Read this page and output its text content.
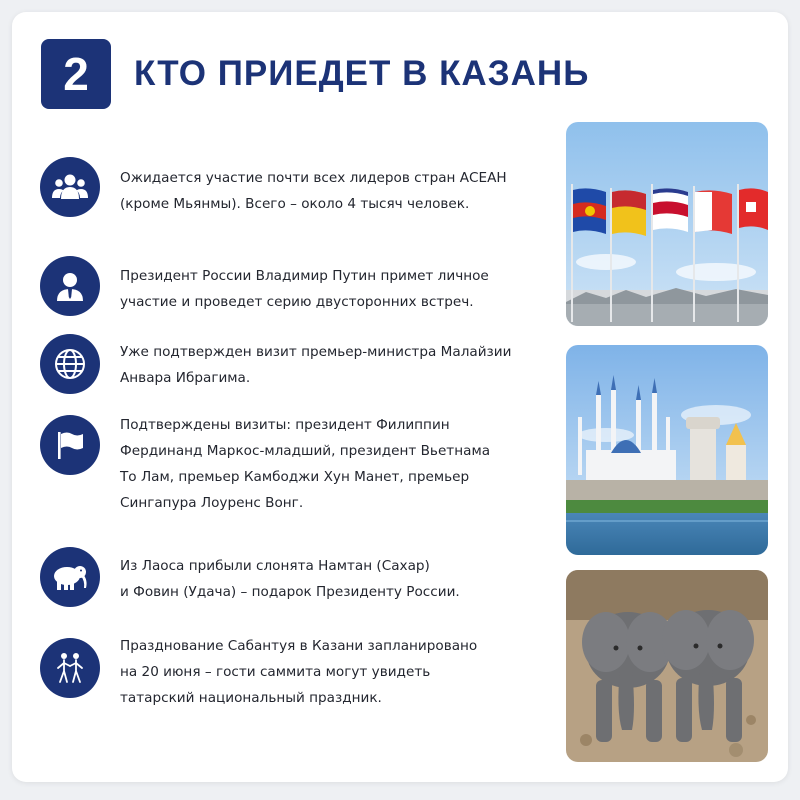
2	КТО ПРИЕДЕТ В КАЗАНЬ
Ожидается участие почти всех лидеров стран АСЕАН
(кроме Мьянмы). Всего – около 4 тысяч человек.
Президент России Владимир Путин примет личное
участие и проведет серию двусторонних встреч.
Уже подтвержден визит премьер-министра Малайзии
Анвара Ибрагима.
Подтверждены визиты: президент Филиппин
Фердинанд Маркос-младший, президент Вьетнама
То Лам, премьер Камбоджи Хун Манет, премьер
Сингапура Лоуренс Вонг.
Из Лаоса прибыли слонята Намтан (Сахар)
и Фовин (Удача) – подарок Президенту России.
Празднование Сабантуя в Казани запланировано
на 20 июня – гости саммита могут увидеть
татарский национальный праздник.
